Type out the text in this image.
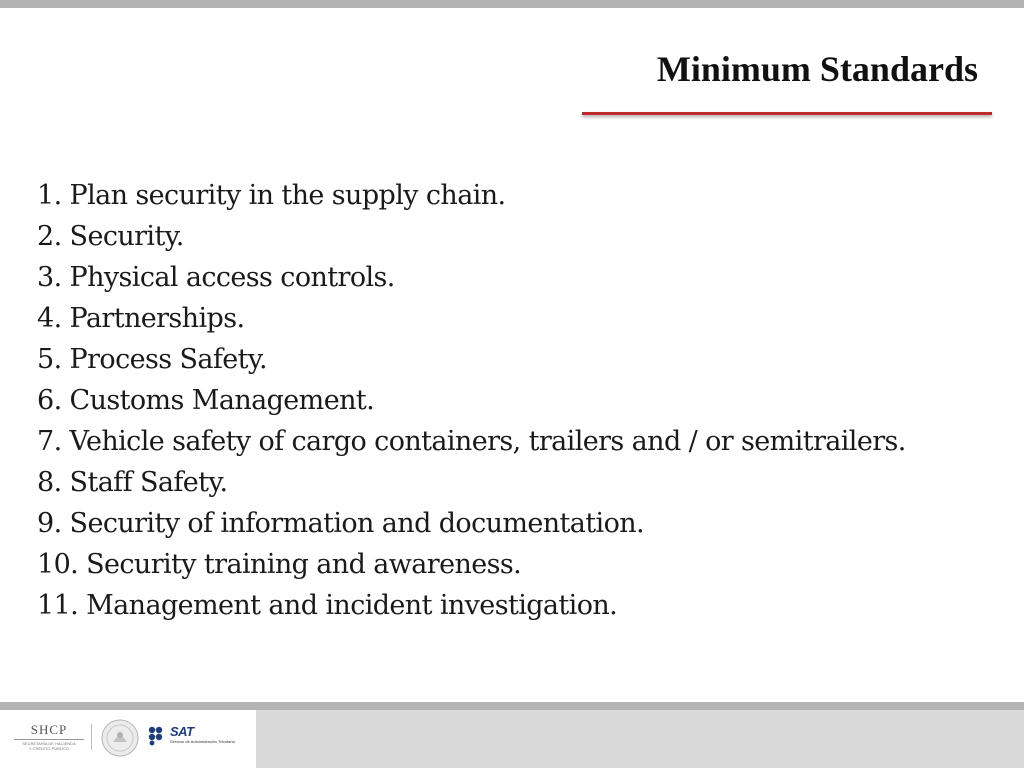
Minimum Standards
1. Plan security in the supply chain.
2. Security.
3. Physical access controls.
4. Partnerships.
5. Process Safety.
6. Customs Management.
7. Vehicle safety of cargo containers, trailers and / or semitrailers.
8. Staff Safety.
9. Security of information and documentation.
10. Security training and awareness.
11. Management and incident investigation.
SHCP
SECRETARÍA DE HACIENDA
Y CRÉDITO PÚBLICO
SAT
Servicio de Administración Tributaria
